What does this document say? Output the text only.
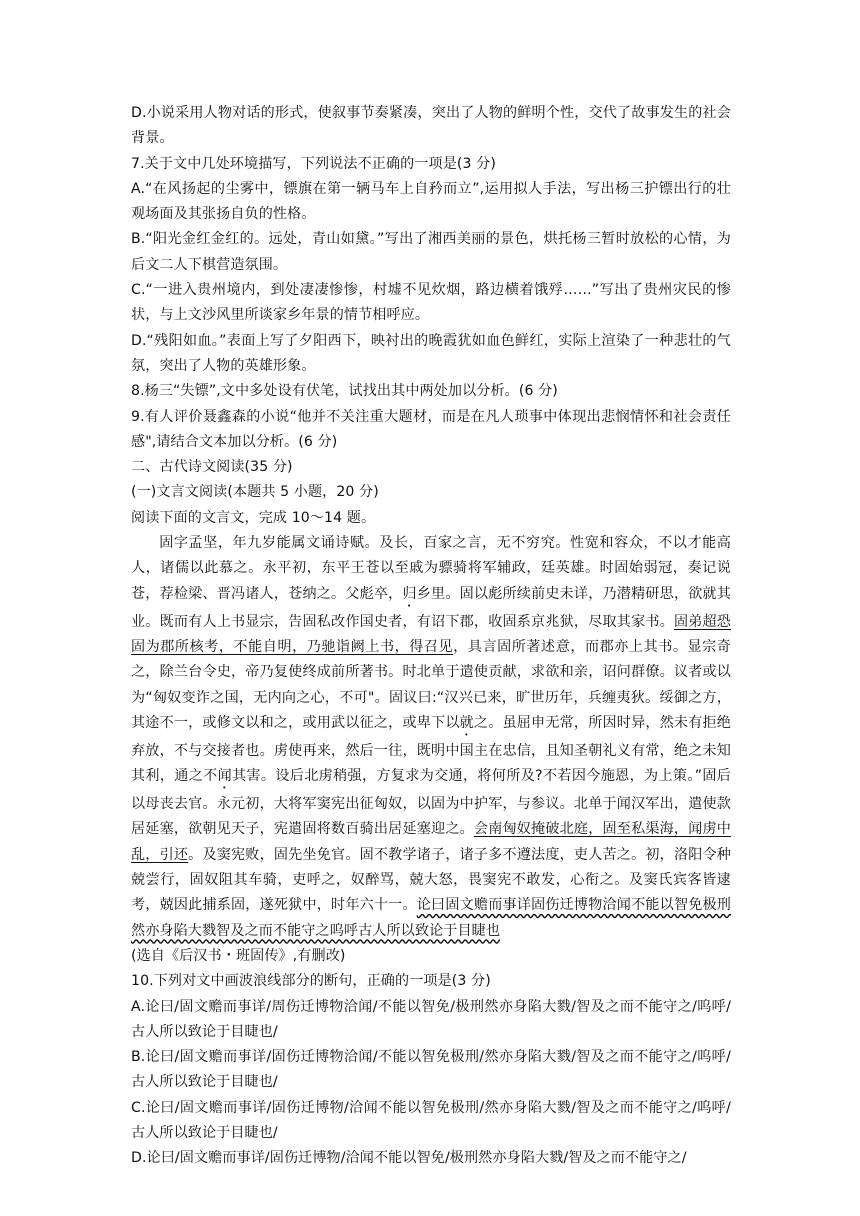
D.小说采用人物对话的形式，使叙事节奏紧凑，突出了人物的鲜明个性，交代了故事发生的社会背景。

7.关于文中几处环境描写，下列说法不正确的一项是(3 分)

A.“在风扬起的尘雾中，镖旗在第一辆马车上自矜而立”,运用拟人手法，写出杨三护镖出行的壮观场面及其张扬自负的性格。

B.“阳光金红金红的。远处，青山如黛。”写出了湘西美丽的景色，烘托杨三暂时放松的心情，为后文二人下棋营造氛围。

C.“一进入贵州境内，到处凄凄惨惨，村墟不见炊烟，路边横着饿殍……”写出了贵州灾民的惨状，与上文沙风里所谈家乡年景的情节相呼应。

D.“残阳如血。”表面上写了夕阳西下，映衬出的晚霞犹如血色鲜红，实际上渲染了一种悲壮的气氛，突出了人物的英雄形象。

8.杨三“失镖”,文中多处设有伏笔，试找出其中两处加以分析。(6 分)

9.有人评价聂鑫森的小说“他并不关注重大题材，而是在凡人琐事中体现出悲悯情怀和社会责任感",请结合文本加以分析。(6 分)

二、古代诗文阅读(35 分)

(一)文言文阅读(本题共 5 小题，20 分)

阅读下面的文言文，完成 10～14 题。

固字孟坚，年九岁能属文诵诗赋。及长，百家之言，无不穷究。性宽和容众，不以才能高人，诸儒以此慕之。永平初，东平王苍以至戚为骠骑将军辅政，廷英雄。时固始弱冠，奏记说苍，荐检梁、晋冯诸人，苍纳之。父彪卒，归乡里。固以彪所续前史未详，乃潜精研思，欲就其业。既而有人上书显宗，告固私改作国史者，有诏下郡，收固系京兆狱，尽取其家书。固弟超恐固为郡所核考，不能自明，乃驰诣阙上书，得召见，具言固所著述意，而郡亦上其书。显宗奇之，除兰台令史，帝乃复使终成前所著书。时北单于遣使贡献，求欲和亲，诏问群僚。议者或以为“匈奴变诈之国，无内向之心，不可"。固议曰:“汉兴已来，旷世历年，兵缠夷狄。绥御之方，其途不一，或修文以和之，或用武以征之，或卑下以就之。虽屈申无常，所因时异，然未有拒绝弃放，不与交接者也。虏使再来，然后一往，既明中国主在忠信，且知圣朝礼义有常，绝之未知其利，通之不闻其害。设后北虏稍强，方复求为交通，将何所及?不若因今施恩，为上策。”固后以母丧去官。永元初，大将军窦宪出征匈奴，以固为中护军，与参议。北单于闻汉军出，遣使款居延塞，欲朝见天子，宪遣固将数百骑出居延塞迎之。会南匈奴掩破北庭，固至私渠海，闻虏中乱，引还。及窦宪败，固先坐免官。固不教学诸子，诸子多不遵法度，吏人苦之。初，洛阳令种兢尝行，固奴阻其车骑，吏呼之，奴醉骂，兢大怒，畏窦宪不敢发，心衔之。及窦氏宾客皆逮考，兢因此捕系固，遂死狱中，时年六十一。论曰固文赡而事详固伤迁博物洽闻不能以智免极刑然亦身陷大戮智及之而不能守之呜呼古人所以致论于目睫也

(选自《后汉书・班固传》,有删改)

10.下列对文中画波浪线部分的断句，正确的一项是(3 分)

A.论曰/固文赡而事详/周伤迁博物洽闻/不能以智免/极刑然亦身陷大戮/智及之而不能守之/呜呼/古人所以致论于目睫也/

B.论曰/固文赡而事详/固伤迁博物洽闻/不能以智免极刑/然亦身陷大戮/智及之而不能守之/呜呼/古人所以致论于目睫也/

C.论曰/固文赡而事详/固伤迁博物/洽闻不能以智免极刑/然亦身陷大戮/智及之而不能守之/呜呼/古人所以致论于目睫也/

D.论曰/固文赡而事详/固伤迁博物/洽闻不能以智免/极刑然亦身陷大戮/智及之而不能守之/
